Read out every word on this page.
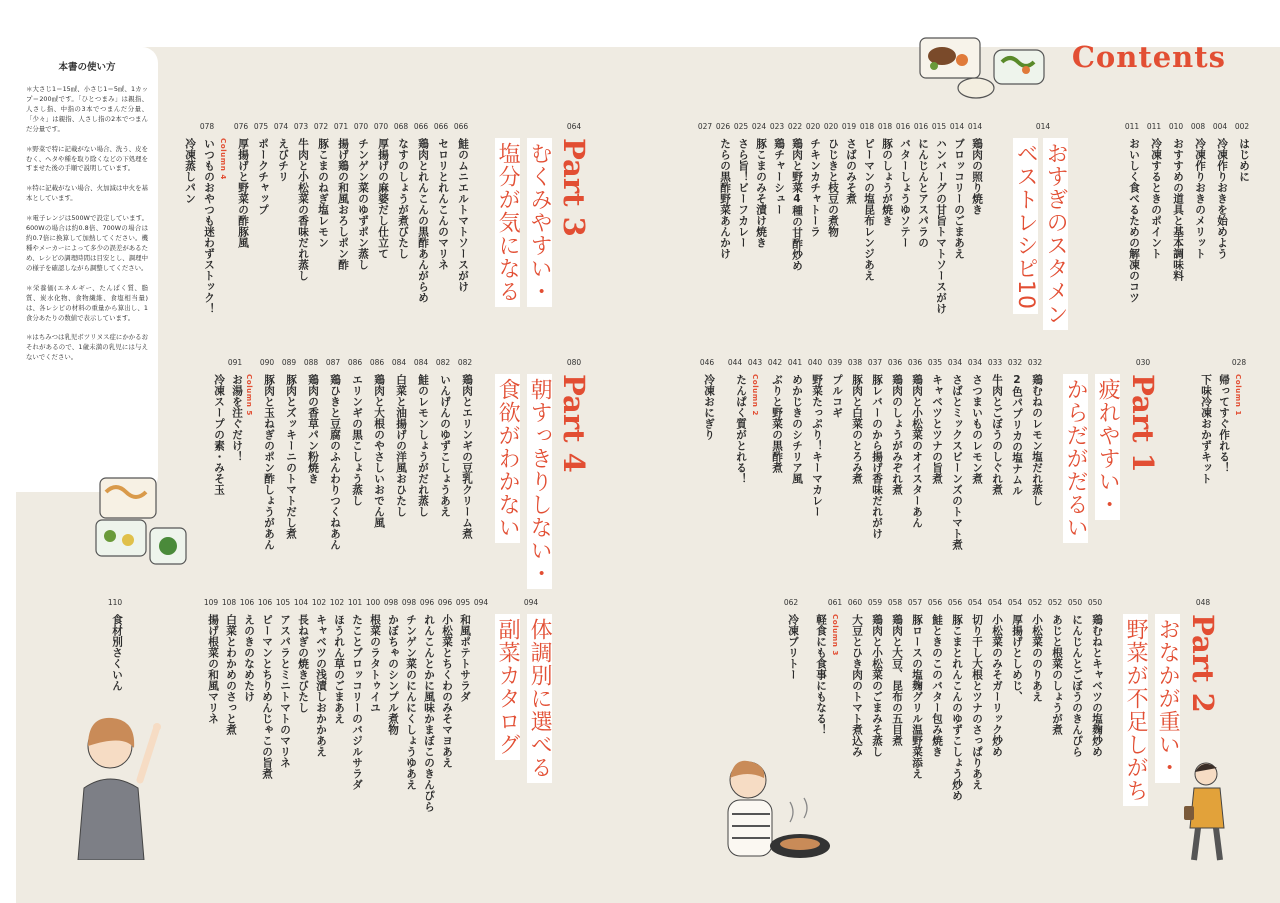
本書の使い方
＊大さじ1＝15㎖、小さじ1＝5㎖、1カップ＝200㎖です。「ひとつまみ」は親指、人さし指、中指の3本でつまんだ分量、「少々」は親指、人さし指の2本でつまんだ分量です。
＊野菜で特に記載がない場合、洗う、皮をむく、ヘタや種を取り除くなどの下処理をすませた後の手順で説明しています。
＊特に記載がない場合、火加減は中火を基本としています。
＊電子レンジは500Wで設定しています。600Wの場合は約0.8倍、700Wの場合は約0.7倍に換算して加熱してください。機種やメーカーによって多少の誤差があるため、レシピの調理時間は目安とし、調理中の様子を確認しながら調整してください。
＊栄養価(エネルギー、たんぱく質、脂質、炭水化物、食物繊維、食塩相当量)は、各レシピの材料の重量から算出し、1食分あたりの数値で表示しています。
＊はちみつは乳児ボツリヌス症にかかるおそれがあるので、1歳未満の乳児には与えないでください。
Contents
002
004
008
010
011
011
はじめに
冷凍作りおきを始めよう
冷凍作りおきのメリット
おすすめの道具と基本調味料
冷凍するときのポイント
おいしく食べるための解凍のコツ
014
おすぎのスタメン
ベストレシピ10
014
014
015
016
016
018
018
019
020
020
022
023
024
025
026
027
鶏肉の照り焼き
ブロッコリーのごまあえ
ハンバーグの甘旨トマトソースがけ
にんじんとアスパラの
バターしょうゆソテー
豚のしょうが焼き
ピーマンの塩昆布レンジあえ
さばのみそ煮
ひじきと枝豆の煮物
チキンカチャトーラ
鶏肉と野菜4種の甘酢炒め
鶏チャーシュー
豚こまのみそ漬け焼き
さら旨！ビーフカレー
たらの黒酢野菜あんかけ
064
Part 3
むくみやすい・
塩分が気になる
066
066
066
068
070
070
071
072
073
074
075
076
078
鮭のムニエルトマトソースがけ
セロリとれんこんのマリネ
鶏肉とれんこんの黒酢あんがらめ
なすのしょうが煮びたし
厚揚げの麻婆だし仕立て
チンゲン菜のゆずポン蒸し
揚げ鶏の和風おろしポン酢
豚こまのねぎ塩レモン
牛肉と小松菜の香味だれ蒸し
えびチリ
ポークチャップ
厚揚げと野菜の酢豚風
Column 4
いつものおやつも迷わずストック！
冷凍蒸しパン
030
Part 1
疲れやすい・
からだがだるい
028
Column 1
帰ってすぐ作れる！
下味冷凍おかずキット
032
032
033
034
034
035
036
036
037
038
039
040
041
042
043
044
046
鶏むねのレモン塩だれ蒸し
2色パプリカの塩ナムル
牛肉とごぼうのしぐれ煮
さつまいものレモン煮
さばとミックスビーンズのトマト煮
キャベツとツナの旨煮
鶏肉と小松菜のオイスターあん
鶏肉のしょうがみぞれ煮
豚レバーのから揚げ香味だれがけ
豚肉と白菜のとろみ煮
プルコギ
野菜たっぷり！キーマカレー
めかじきのシチリア風
ぶりと野菜の黒酢煮
Column 2
たんぱく質がとれる！
冷凍おにぎり
080
Part 4
朝すっきりしない・
食欲がわかない
082
082
084
084
086
086
087
088
089
090
091
鶏肉とエリンギの豆乳クリーム煮
いんげんのゆずこしょうあえ
鮭のレモンしょうがだれ蒸し
白菜と油揚げの洋風おひたし
鶏肉と大根のやさしいおでん風
エリンギの黒こしょう蒸し
鶏ひきと豆腐のふんわりつくねあん
鶏肉の香草パン粉焼き
豚肉とズッキーニのトマトだし煮
豚肉と玉ねぎのポン酢しょうがあん
Column 5
お湯を注ぐだけ！
冷凍スープの素・みそ玉
048
Part 2
おなかが重い・
野菜が不足しがち
050
050
052
052
054
054
054
056
056
057
058
059
060
061
062
鶏むねとキャベツの塩麹炒め
にんじんとごぼうのきんぴら
あじと根菜のしょうが煮
小松菜ののりあえ
厚揚げとしめじ、
小松菜のみそガーリック炒め
切り干し大根とツナのさっぱりあえ
豚こまとれんこんのゆずこしょう炒め
鮭ときのこのバター包み焼き
豚ロースの塩麹グリル温野菜添え
鶏肉と大豆、昆布の五目煮
鶏肉と小松菜のごまみそ蒸し
大豆とひき肉のトマト煮込み
Column 3
軽食にも食事にもなる！
冷凍ブリトー
094
体調別に選べる
副菜カタログ
095 094
096
096
098
098
100
101
102
102
104
105
106
106
108
109
110
和風ポテトサラダ
小松菜とちくわのみそマヨあえ
れんこんとかに風味かまぼこのきんぴら
チンゲン菜のにんにくしょうゆあえ
かぼちゃのシンプル煮物
根菜のラタトゥイユ
たことブロッコリーのバジルサラダ
ほうれん草のごまあえ
キャベツの浅漬しおかかあえ
長ねぎの焼きびたし
アスパラとミニトマトのマリネ
ピーマンとちりめんじゃこの旨煮
えのきのなめたけ
白菜とわかめのさっと煮
揚げ根菜の和風マリネ
食材別さくいん
